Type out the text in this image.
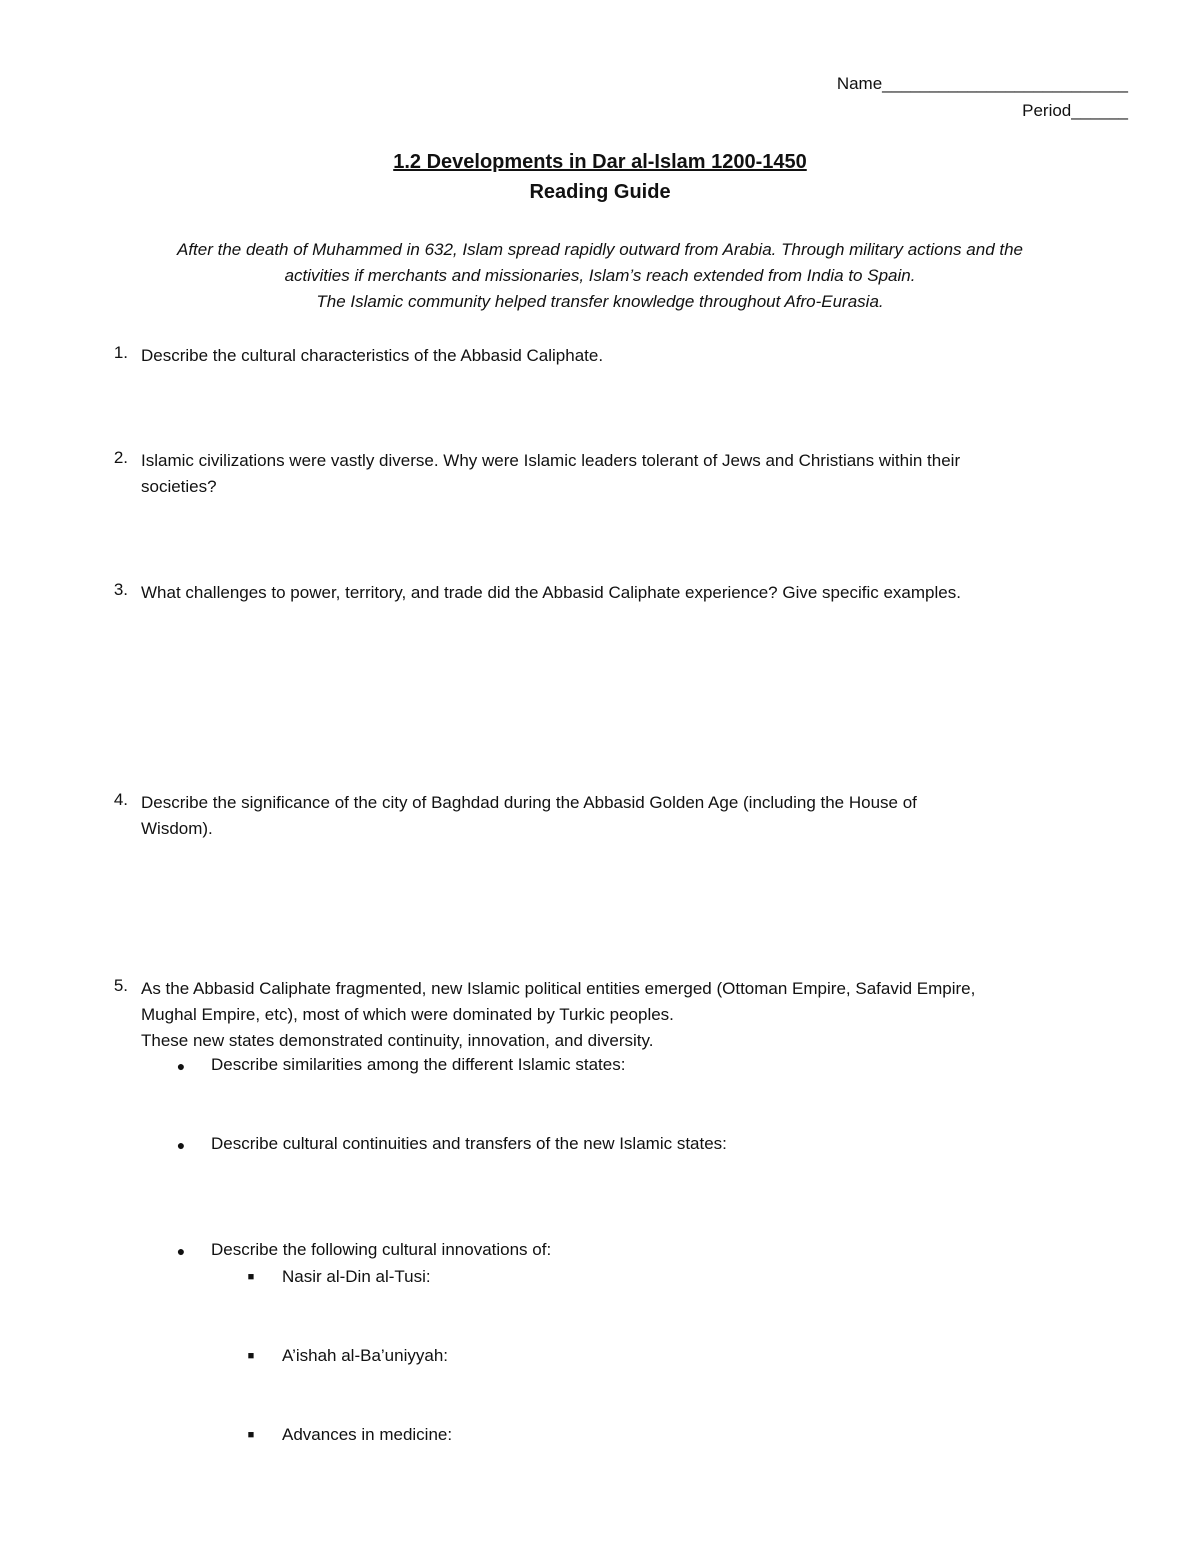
Name__________________________
Period______
1.2 Developments in Dar al-Islam 1200-1450
Reading Guide
After the death of Muhammed in 632, Islam spread rapidly outward from Arabia. Through military actions and the
activities if merchants and missionaries, Islam’s reach extended from India to Spain.
The Islamic community helped transfer knowledge throughout Afro-Eurasia.
1. Describe the cultural characteristics of the Abbasid Caliphate.
2. Islamic civilizations were vastly diverse. Why were Islamic leaders tolerant of Jews and Christians within their
societies?
3. What challenges to power, territory, and trade did the Abbasid Caliphate experience? Give specific examples.
4. Describe the significance of the city of Baghdad during the Abbasid Golden Age (including the House of
Wisdom).
5. As the Abbasid Caliphate fragmented, new Islamic political entities emerged (Ottoman Empire, Safavid Empire,
Mughal Empire, etc), most of which were dominated by Turkic peoples.
These new states demonstrated continuity, innovation, and diversity.
● Describe similarities among the different Islamic states:
● Describe cultural continuities and transfers of the new Islamic states:
● Describe the following cultural innovations of:
■ Nasir al-Din al-Tusi:
■ A’ishah al-Ba’uniyyah:
■ Advances in medicine:
